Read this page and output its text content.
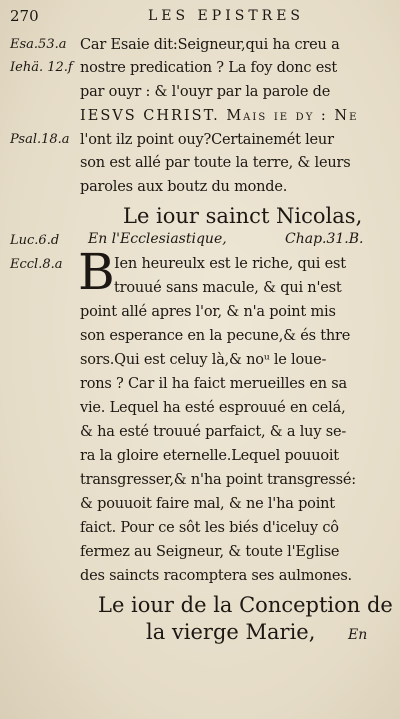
270	LES EPISTRES
Esa.53.a
Iehä. 12.f
Psal.18.a
Car Esaie dit:Seigneur,qui ha creu a
nostre predication ? La foy donc est
par ouyr : & l'ouyr par la parole de
IESVS CHRIST. Mais ie dy : Ne
l'ont ilz point ouy?Certainemét leur
son est allé par toute la terre, & leurs
paroles aux boutz du monde.
Le iour sainct Nicolas,
Luc.6.d En l'Ecclesiastique,	Chap.31.B.
Eccl.8.a B Ien heureulx est le riche, qui est
trouué sans macule, & qui n'est
point allé apres l'or, & n'a point mis
son esperance en la pecune,& és thre
sors.Qui est celuy là,& noᵘ le loue-
rons ? Car il ha faict merueilles en sa
vie. Lequel ha esté esprouué en celá,
& ha esté trouué parfaict, & a luy se-
ra la gloire eternelle.Lequel pouuoit
transgresser,& n'ha point transgressé:
& pouuoit faire mal, & ne l'ha point
faict. Pour ce sôt les biés d'iceluy cô
fermez au Seigneur, & toute l'Eglise
des saincts racomptera ses aulmones.
Le iour de la Conception de
la vierge Marie, En
